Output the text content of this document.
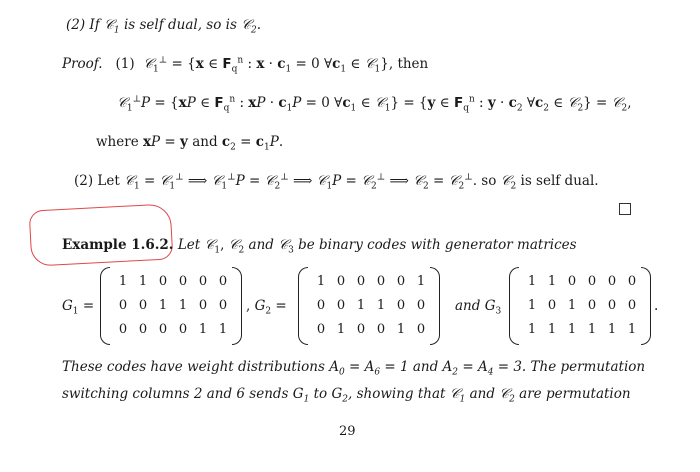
(2) If 𝒞$_1$ is self dual, so is 𝒞$_2$.
Proof. (1) 𝒞$_1$⊥ = {x ∈ $F_q^n$ : $x \cdot c_1 = 0$ $\forall c_1$ ∈ 𝒞$_1$}, then
𝒞$_1$⊥P = {xP ∈ $F_q^n$ : xP · $c_1P = 0$ $\forall c_1$ ∈ 𝒞$_1$} = {y ∈ $F_q^n$ : $y \cdot c_2$ $\forall c_2$ ∈ 𝒞$_2$} = 𝒞$_2$,
where xP = y and $c_2 = c_1P$.
(2) Let 𝒞$_1$ = 𝒞$_1$⊥ ⟹ 𝒞$_1$⊥P = 𝒞$_2$⊥ ⟹ 𝒞$_1$P = 𝒞$_2$⊥ ⟹ 𝒞$_2$ = 𝒞$_2$⊥. so 𝒞$_2$ is self dual.
Example 1.6.2. Let 𝒞$_1$, 𝒞$_2$ and 𝒞$_3$ be binary codes with generator matrices
$G_1$ =
1	1	0	0	0	0
0	0	1	1	0	0
0	0	0	0	1	1
, $G_2$ =
1	0	0	0	0	1
0	0	1	1	0	0
0	1	0	0	1	0
and $G_3$
1	1	0	0	0	0
1	0	1	0	0	0
1	1	1	1	1	1
.
These codes have weight distributions $A_0 = A_6 = 1$ and $A_2 = A_4 = 3$. The permutation
switching columns 2 and 6 sends $G_1$ to $G_2$, showing that 𝒞$_1$ and 𝒞$_2$ are permutation
29
